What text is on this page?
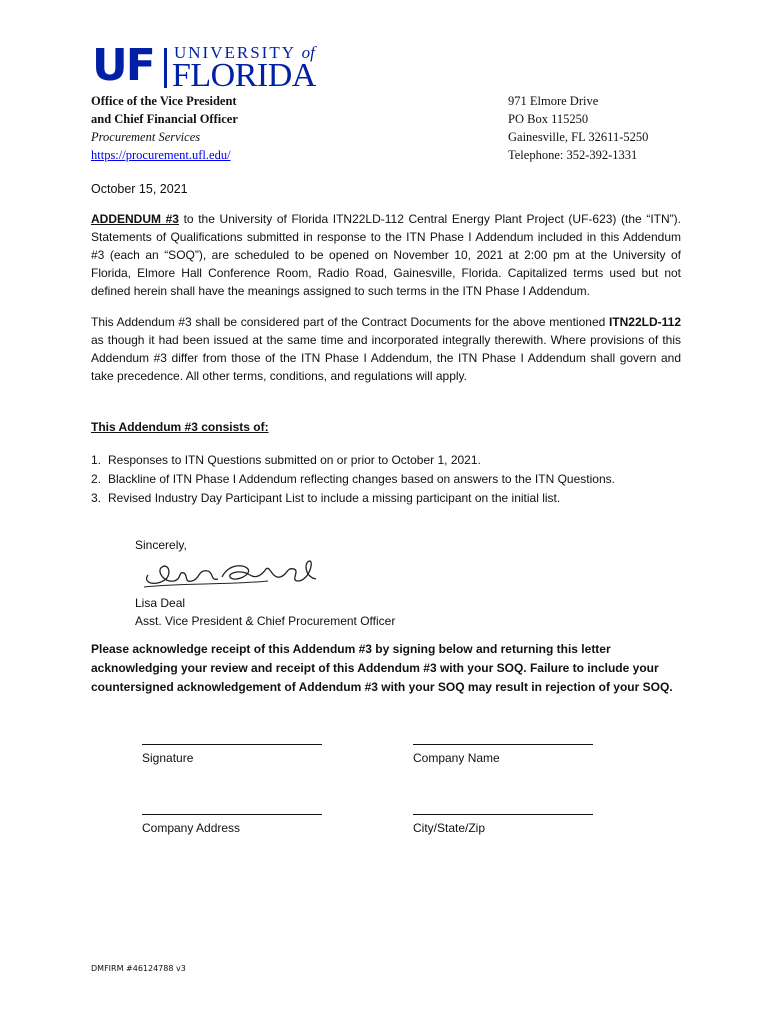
UF UNIVERSITY of
FLORIDA
Office of the Vice President
and Chief Financial Officer
Procurement Services
https://procurement.ufl.edu/
971 Elmore Drive
PO Box 115250
Gainesville, FL 32611-5250
Telephone: 352-392-1331
October 15, 2021
ADDENDUM #3 to the University of Florida ITN22LD-112 Central Energy Plant Project (UF-623) (the “ITN”). Statements of Qualifications submitted in response to the ITN Phase I Addendum included in this Addendum #3 (each an “SOQ”), are scheduled to be opened on November 10, 2021 at 2:00 pm at the University of Florida, Elmore Hall Conference Room, Radio Road, Gainesville, Florida. Capitalized terms used but not defined herein shall have the meanings assigned to such terms in the ITN Phase I Addendum.
This Addendum #3 shall be considered part of the Contract Documents for the above mentioned ITN22LD-112 as though it had been issued at the same time and incorporated integrally therewith. Where provisions of this Addendum #3 differ from those of the ITN Phase I Addendum, the ITN Phase I Addendum shall govern and take precedence. All other terms, conditions, and regulations will apply.
This Addendum #3 consists of:
1. Responses to ITN Questions submitted on or prior to October 1, 2021.
2. Blackline of ITN Phase I Addendum reflecting changes based on answers to the ITN Questions.
3. Revised Industry Day Participant List to include a missing participant on the initial list.
Sincerely,
Lisa Deal
Asst. Vice President & Chief Procurement Officer
Please acknowledge receipt of this Addendum #3 by signing below and returning this letter acknowledging your review and receipt of this Addendum #3 with your SOQ. Failure to include your countersigned acknowledgement of Addendum #3 with your SOQ may result in rejection of your SOQ.
Signature	Company Name
Company Address	City/State/Zip
DMFIRM #46124788 v3
